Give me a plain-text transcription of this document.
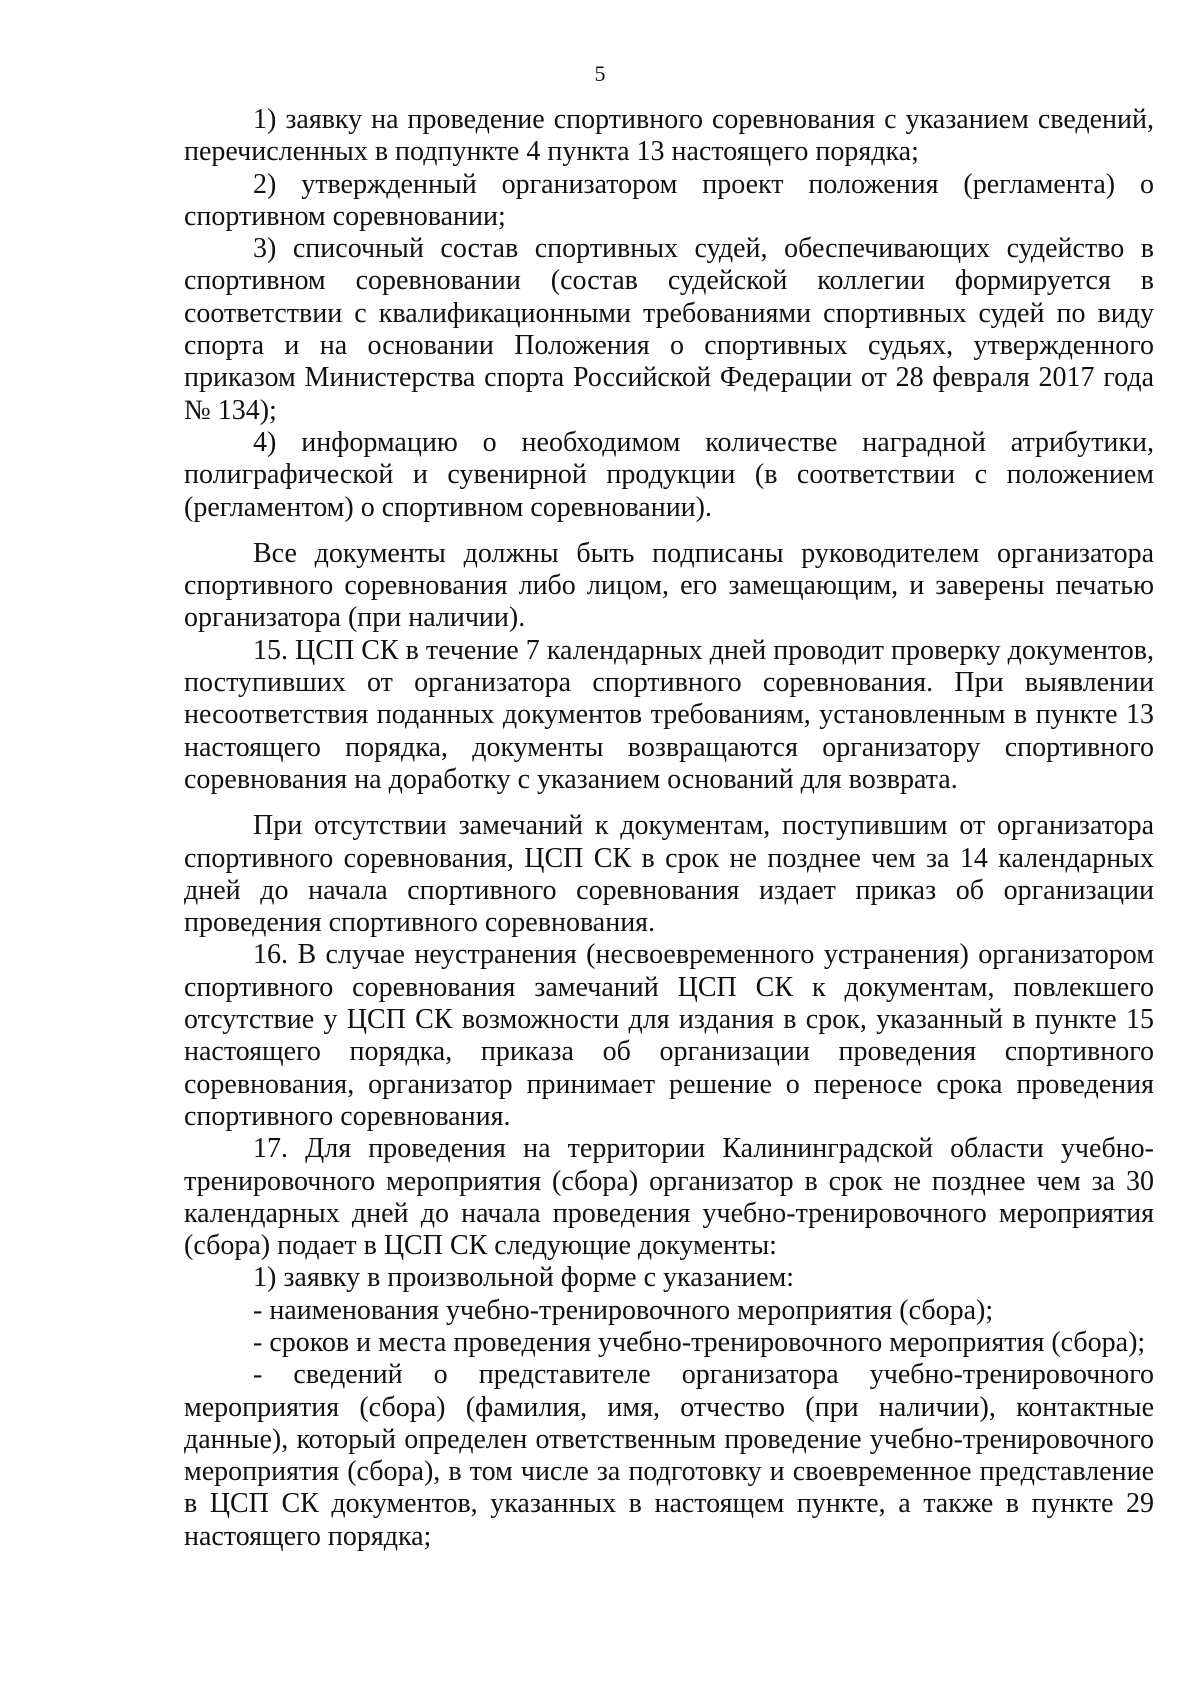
5

1) заявку на проведение спортивного соревнования с указанием сведений, перечисленных в подпункте 4 пункта 13 настоящего порядка;

2) утвержденный организатором проект положения (регламента) о спортивном соревновании;

3) списочный состав спортивных судей, обеспечивающих судейство в спортивном соревновании (состав судейской коллегии формируется в соответствии с квалификационными требованиями спортивных судей по виду спорта и на основании Положения о спортивных судьях, утвержденного приказом Министерства спорта Российской Федерации от 28 февраля 2017 года № 134);

4) информацию о необходимом количестве наградной атрибутики, полиграфической и сувенирной продукции (в соответствии с положением (регламентом) о спортивном соревновании).

Все документы должны быть подписаны руководителем организатора спортивного соревнования либо лицом, его замещающим, и заверены печатью организатора (при наличии).

15. ЦСП СК в течение 7 календарных дней проводит проверку документов, поступивших от организатора спортивного соревнования. При выявлении несоответствия поданных документов требованиям, установленным в пункте 13 настоящего порядка, документы возвращаются организатору спортивного соревнования на доработку с указанием оснований для возврата.

При отсутствии замечаний к документам, поступившим от организатора спортивного соревнования, ЦСП СК в срок не позднее чем за 14 календарных дней до начала спортивного соревнования издает приказ об организации проведения спортивного соревнования.

16. В случае неустранения (несвоевременного устранения) организатором спортивного соревнования замечаний ЦСП СК к документам, повлекшего отсутствие у ЦСП СК возможности для издания в срок, указанный в пункте 15 настоящего порядка, приказа об организации проведения спортивного соревнования, организатор принимает решение о переносе срока проведения спортивного соревнования.

17. Для проведения на территории Калининградской области учебно-тренировочного мероприятия (сбора) организатор в срок не позднее чем за 30 календарных дней до начала проведения учебно-тренировочного мероприятия (сбора) подает в ЦСП СК следующие документы:

1) заявку в произвольной форме с указанием:

- наименования учебно-тренировочного мероприятия (сбора);

- сроков и места проведения учебно-тренировочного мероприятия (сбора);

- сведений о представителе организатора учебно-тренировочного мероприятия (сбора) (фамилия, имя, отчество (при наличии), контактные данные), который определен ответственным проведение учебно-тренировочного мероприятия (сбора), в том числе за подготовку и своевременное представление в ЦСП СК документов, указанных в настоящем пункте, а также в пункте 29 настоящего порядка;
